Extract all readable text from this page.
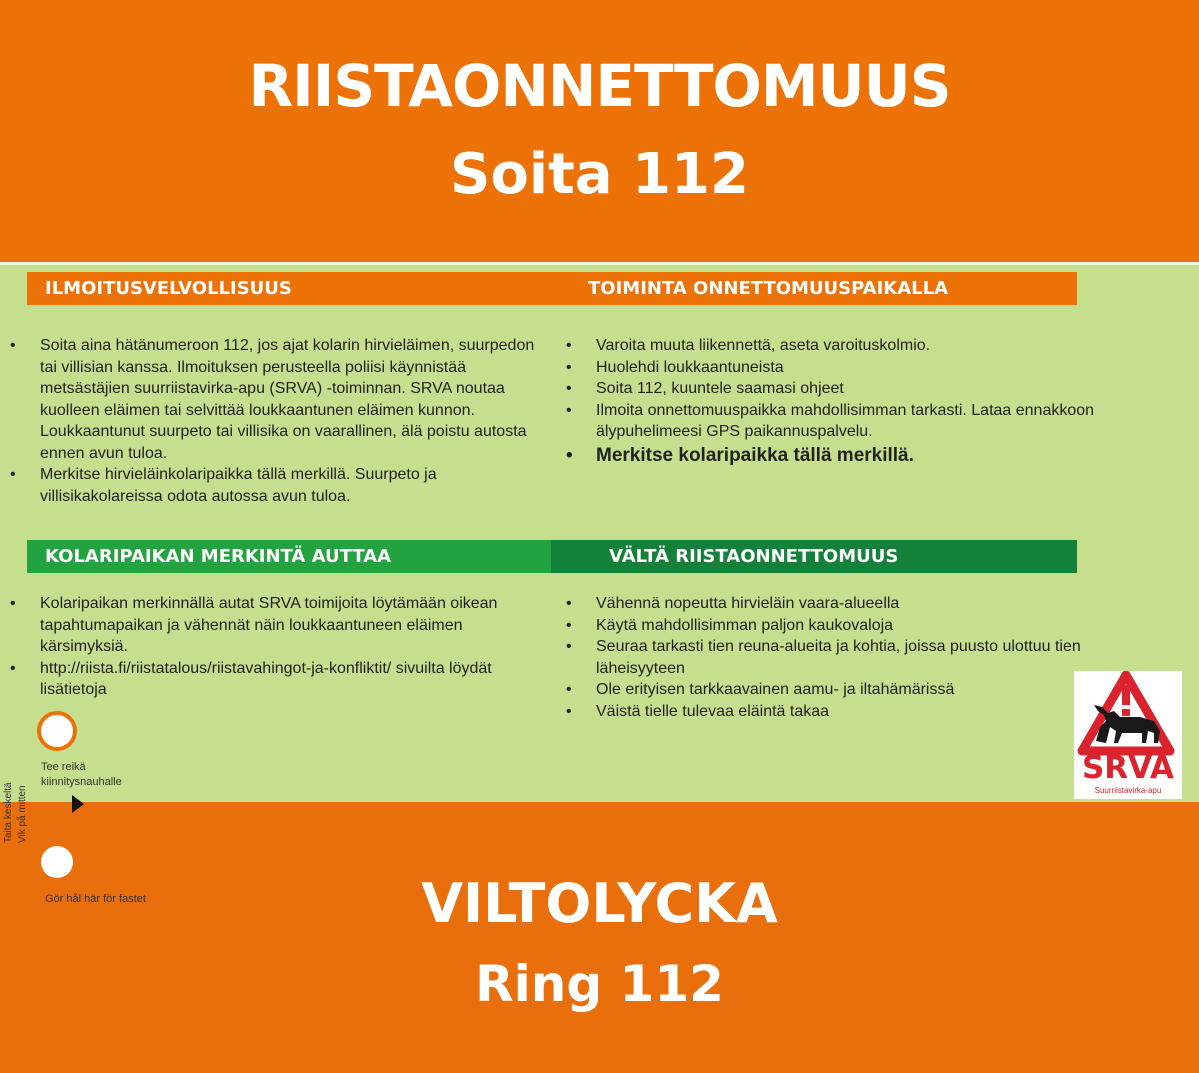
RIISTAONNETTOMUUS
Soita 112
ILMOITUSVELVOLLISUUS	TOIMINTA ONNETTOMUUSPAIKALLA
• Soita aina hätänumeroon 112, jos ajat kolarin hirvieläimen, suurpedon tai villisian kanssa. Ilmoituksen perusteella poliisi käynnistää metsästäjien suurriistavirka-apu (SRVA) -toiminnan. SRVA noutaa kuolleen eläimen tai selvittää loukkaantunen eläimen kunnon. Loukkaantunut suurpeto tai villisika on vaarallinen, älä poistu autosta ennen avun tuloa.
• Merkitse hirvieläinkolaripaikka tällä merkillä. Suurpeto ja villisikakolareissa odota autossa avun tuloa.
• Varoita muuta liikennettä, aseta varoituskolmio.
• Huolehdi loukkaantuneista
• Soita 112, kuuntele saamasi ohjeet
• Ilmoita onnettomuuspaikka mahdollisimman tarkasti. Lataa ennakkoon älypuhelimeesi GPS paikannuspalvelu.
• Merkitse kolaripaikka tällä merkillä.
KOLARIPAIKAN MERKINTÄ AUTTAA	VÄLTÄ RIISTAONNETTOMUUS
• Kolaripaikan merkinnällä autat SRVA toimijoita löytämään oikean tapahtumapaikan ja vähennät näin loukkaantuneen eläimen kärsimyksiä.
• http://riista.fi/riistatalous/riistavahingot-ja-konfliktit/ sivuilta löydät lisätietoja
• Vähennä nopeutta hirvieläin vaara-alueella
• Käytä mahdollisimman paljon kaukovaloja
• Seuraa tarkasti tien reuna-alueita ja kohtia, joissa puusto ulottuu tien läheisyyteen
• Ole erityisen tarkkaavainen aamu- ja iltahämärissä
• Väistä tielle tulevaa eläintä takaa
Tee reikä kiinnitysnauhalle
Taita keskeltä Vik på mitten
Gör hål här för fastet
SRVA
Suurriistavirka-apu
VILTOLYCKA
Ring 112
